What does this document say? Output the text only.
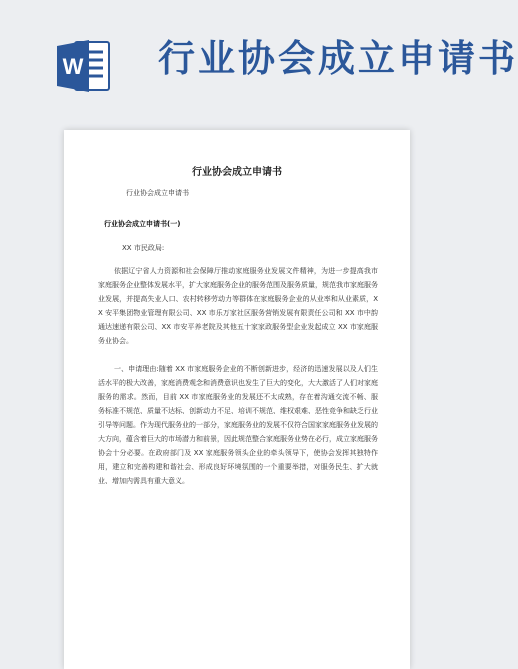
W 行业协会成立申请书
行业协会成立申请书
行业协会成立申请书
行业协会成立申请书(一)
XX 市民政局:
依据辽宁省人力资源和社会保障厅推动家庭服务业发展文件精神，为进一步提高我市家庭服务企业整体发展水平，扩大家庭服务企业的服务范围及服务质量，规范我市家庭服务业发展，并提高失业人口、农村转移劳动力等群体在家庭服务企业的从业率和从业素质，XX 安平集团物业管理有限公司、XX 市乐万家社区服务营销发展有限责任公司和 XX 市中韵通达速递有限公司、XX 市安平养老院及其他五十家家政服务型企业发起成立 XX 市家庭服务业协会。
一、申请理由:随着 XX 市家庭服务企业的不断创新进步，经济的迅速发展以及人们生活水平的极大改善，家庭消费观念和消费意识也发生了巨大的变化，大大激活了人们对家庭服务的需求。然而，目前 XX 市家庭服务业的发展还不太成熟，存在着沟通交流不畅、服务标准不规范、质量不达标、创新动力不足、培训不规范、维权艰难、恶性竞争和缺乏行业引导等问题。作为现代服务业的一部分，家庭服务业的发展不仅符合国家家庭服务业发展的大方向，蕴含着巨大的市场潜力和前景，因此规范整合家庭服务业势在必行，成立家庭服务协会十分必要。在政府部门及 XX 家庭服务领头企业的牵头领导下，使协会发挥其独特作用，建立和完善构建和谐社会、形成良好环境氛围的一个重要举措，对服务民生、扩大就业、增加内需具有重大意义。
